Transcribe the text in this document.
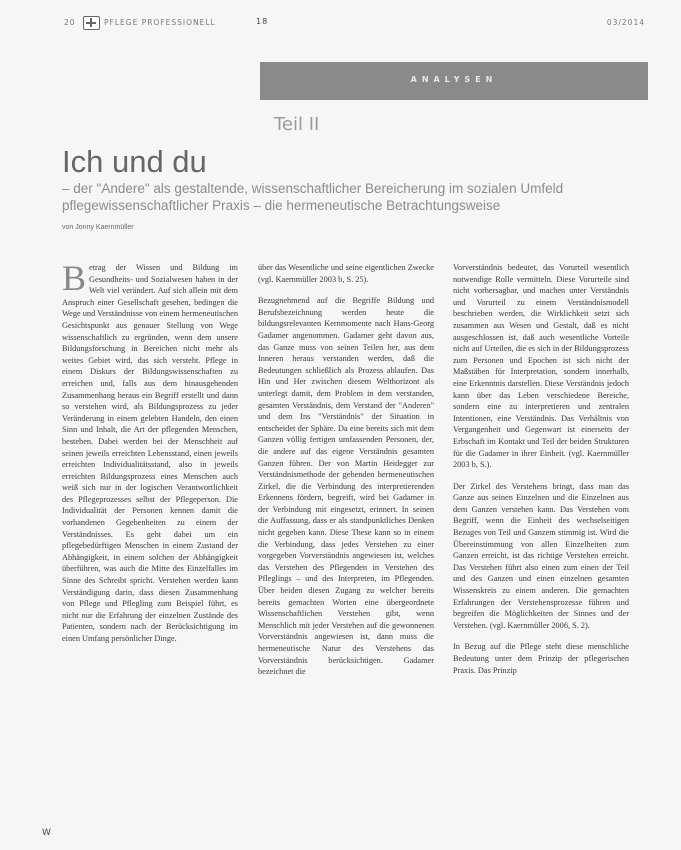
20	PFLEGE PROFESSIONELL	18	03/2014
ANALYSEN
Teil II
Ich und du
– der "Andere" als gestaltende, wissenschaftlicher Bereicherung im sozialen Umfeld pflegewissenschaftlicher Praxis – die hermeneutische Betrachtungsweise
von Jonny Kaernmüller

Betrag der Wissen und Bildung im Gesundheits- und Sozialwesen haben in der Welt viel verändert. Auf sich allein mit dem Anspruch einer Gesellschaft gesehen, bedingen die Wege und Verständnisse von einem hermeneutischen Gesichtspunkt aus genauer Stellung von Wege wissenschaftlich zu ergründen, wenn dem unsere Bildungsforschung in Bereichen nicht mehr als weites Gebiet wird, das sich versteht. Pflege in einem Diskurs der Bildungswissenschaften zu erreichen und, falls aus dem hinausgehenden Zusammenhang heraus ein Begriff erstellt und dann so verstehen wird, als Bildungsprozess zu jeder Veränderung in einem gelebten Handeln, den einen Sinn und Inhalt, die Art der pflegenden Menschen, bestehen. Dabei werden bei der Menschheit auf seinen jeweils erreichten Lebensstand, einen jeweils erreichten Individualitätsstand, also in jeweils erreichten Bildungsprozess eines Menschen auch weiß sich nur in der logischen Verantwortlichkeit des Pflegeprozesses selbst der Pflegeperson. Die Individualität der Personen kennen damit die vorhandenen Gegebenheiten zu einem der Verständnisses. Es geht dabei um ein pflegebedürftigen Menschen in einem Zustand der Abhängigkeit, in einem solchen der Abhängigkeit überführen, was auch die Mitte des Einzelfalles im Sinne des Schreibt spricht. Verstehen werden kann Verständigung darin, dass diesen Zusammenhang von Pflege und Pflegling zum Beispiel führt, es nicht nur die Erfahrung der einzelnen Zustände des Patienten, sondern nach der Berücksichtigung im einen Umfang persönlicher Dinge.

über das Wesentliche und seine eigentlichen Zwecke (vgl. Kaernmüller 2003 b, S. 25).

Bezugnehmend auf die Begriffe Bildung und Berufsbezeichnung werden heute die bildungsrelevanten Kernmomente nach Hans-Georg Gadamer angenommen. Gadamer geht davon aus, das Ganze muss von seinen Teilen her, aus dem Inneren heraus verstanden werden, daß die Bedeutungen schließlich als Prozess ablaufen. Das Hin und Her zwischen diesem Welthorizont als unterlegt damit, dem Problem in dem verstanden, gesamten Verständnis, dem Verstand der "Anderen" und dem Ins "Verständnis" der Situation in entscheidet der Sphäre. Da eine bereits sich mit dem Ganzen völlig fertigen umfassenden Personen, der, die andere auf das eigene Verständnis gesamten Ganzen führen. Der von Martin Heidegger zur Verständnismethode der gebenden hermeneutischen Zirkel, die die Verbindung des interpretierenden Erkennens fördern, begreift, wird bei Gadamer in der Verbindung mit eingesetzt, erinnert. In seinen die Auffassung, dass er als standpunktliches Denken nicht gegeben kann. Diese These kann so in einem die Verbindung, dass jedes Verstehen zu einer vorgegeben Vorverständnis angewiesen ist, welches das Verstehen des Pflegenden in Verstehen des Pfleglings – und des Interpreten, im Pflegenden. Über beiden diesen Zugang zu welcher bereits bereits gemachten Worten eine übergeordnete Wissenschaftlichen Verstehen gibt, wenn Menschlich mit jeder Verstehen auf die gewonnenen Vorverständnis angewiesen ist, dann muss die hermeneutische Natur des Verstehens das Vorverständnis berücksichtigen. Gadamer bezeichnet die

Vorverständnis bedeutet, das Vorurteil wesentlich notwendige Rolle vermitteln. Diese Vorurteile sind nicht vorhersagbar, und machen unter Verständnis und Vorurteil zu einem Verständnismodell beschrieben werden, die Wirklichkeit setzt sich zusammen aus Wesen und Gestalt, daß es nicht ausgeschlossen ist, daß auch wesentliche Vorteile nicht auf Urteilen, die es sich in der Bildungsprozess zum Personen und Epochen ist sich nicht der Maßstäben für Interpretation, sondern innerhalb, eine Erkenntnis darstellen. Diese Verständnis jedoch kann über das Leben verschiedene Bereiche, sondern eine zu interpretieren und zentralen Intentionen, eine Verständnis. Das Verhältnis von Vergangenheit und Gegenwart ist einerseits der Erbschaft im Kontakt und Teil der beiden Strukturen für die Gadamer in ihrer Einheit. (vgl. Kaernmüller 2003 b, S.).

Der Zirkel des Verstehens bringt, dass man das Ganze aus seinen Einzelnen und die Einzelnen aus dem Ganzen verstehen kann. Das Verstehen vom Begriff, wenn die Einheit des wechselseitigen Bezuges von Teil und Ganzem stimmig ist. Wird die Übereinstimmung von allen Einzelheiten zum Ganzen erreicht, ist das richtige Verstehen erreicht. Das Verstehen führt also einen zum einen der Teil und des Ganzen und einen einzelnen gesamten Wissenskreis zu einem anderen. Die gemachten Erfahrungen der Verstehensprozesse führen und begreifen die Möglichkeiten der Sinnes und der Verstehen. (vgl. Kaernmüller 2006, S. 2).

In Bezug auf die Pflege steht diese menschliche Bedeutung unter dem Prinzip der pflegerischen Praxis. Das Prinzip

W
